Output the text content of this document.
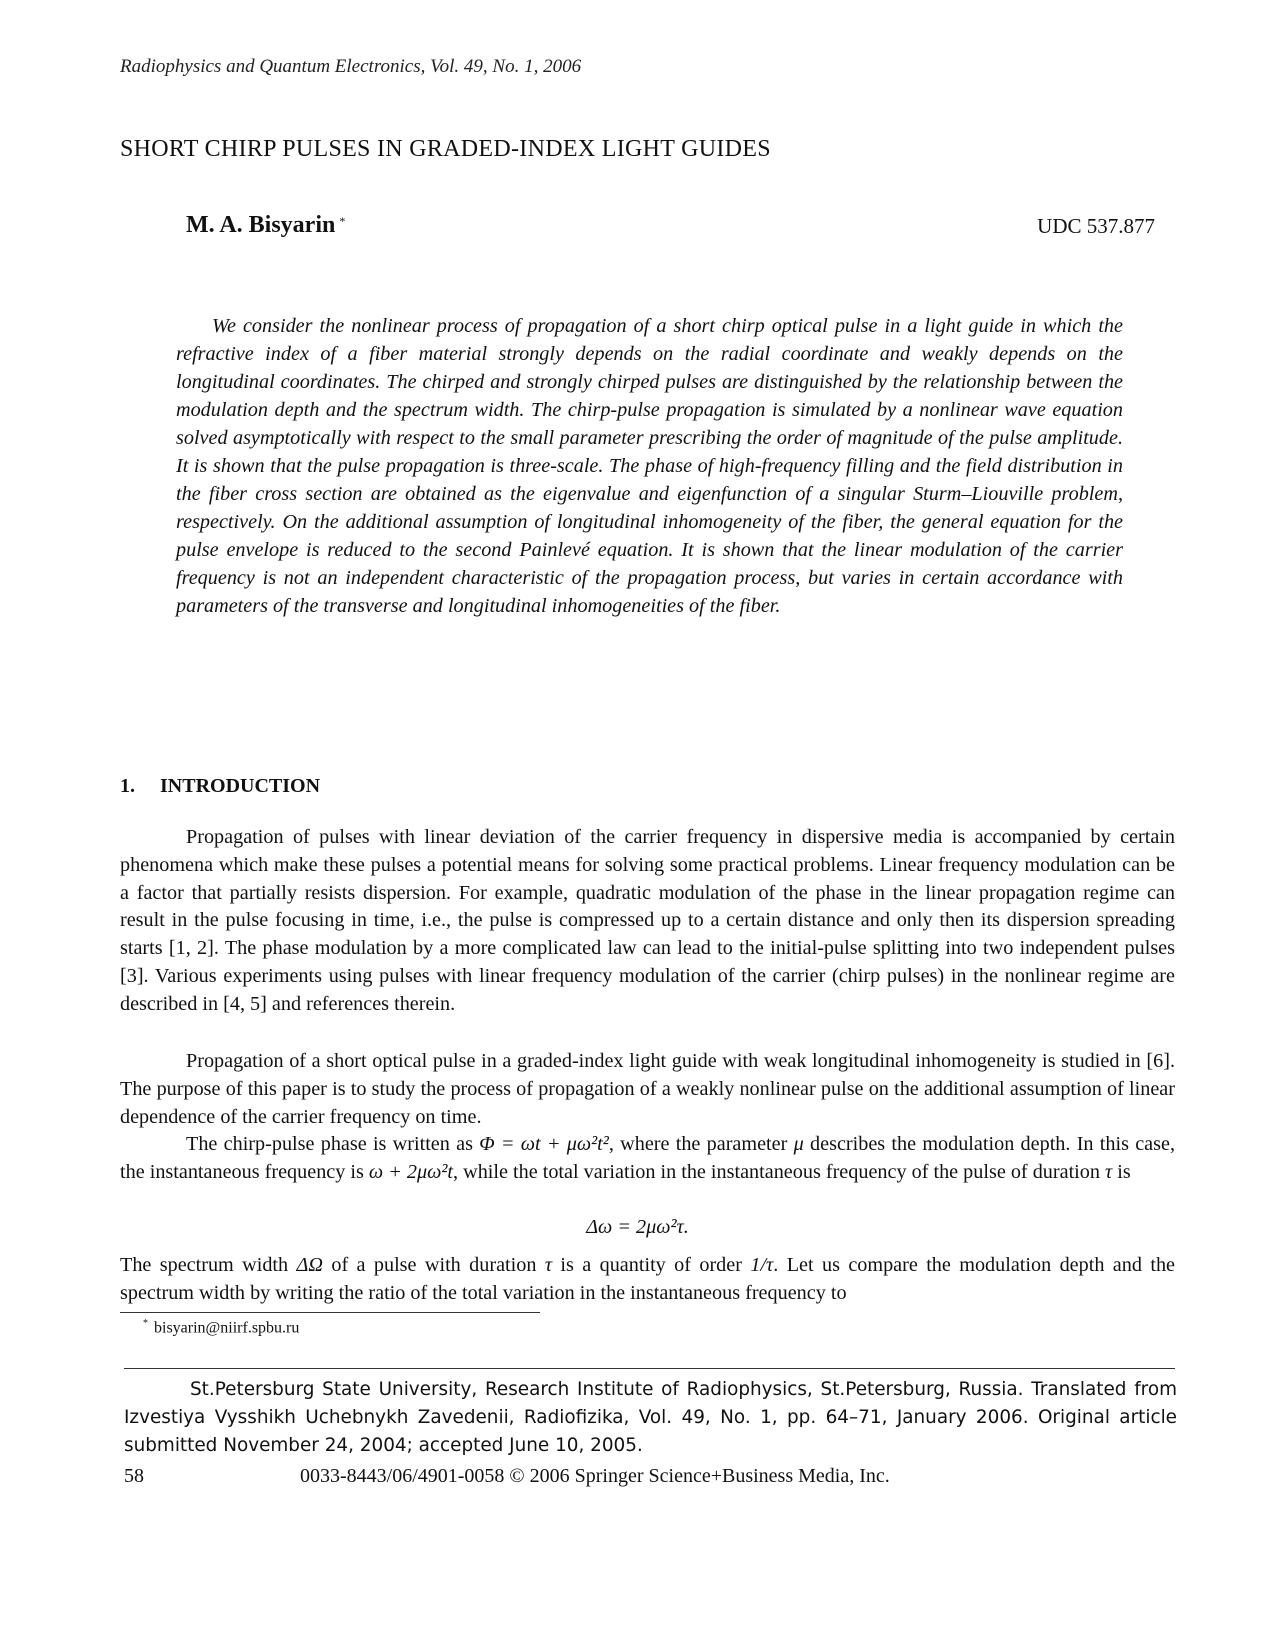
Radiophysics and Quantum Electronics, Vol. 49, No. 1, 2006
SHORT CHIRP PULSES IN GRADED-INDEX LIGHT GUIDES
M. A. Bisyarin *	UDC 537.877

We consider the nonlinear process of propagation of a short chirp optical pulse in a light guide in which the refractive index of a fiber material strongly depends on the radial coordinate and weakly depends on the longitudinal coordinates. The chirped and strongly chirped pulses are distinguished by the relationship between the modulation depth and the spectrum width. The chirp-pulse propagation is simulated by a nonlinear wave equation solved asymptotically with respect to the small parameter prescribing the order of magnitude of the pulse amplitude. It is shown that the pulse propagation is three-scale. The phase of high-frequency filling and the field distribution in the fiber cross section are obtained as the eigenvalue and eigenfunction of a singular Sturm–Liouville problem, respectively. On the additional assumption of longitudinal inhomogeneity of the fiber, the general equation for the pulse envelope is reduced to the second Painlevé equation. It is shown that the linear modulation of the carrier frequency is not an independent characteristic of the propagation process, but varies in certain accordance with parameters of the transverse and longitudinal inhomogeneities of the fiber.

1. INTRODUCTION

Propagation of pulses with linear deviation of the carrier frequency in dispersive media is accompanied by certain phenomena which make these pulses a potential means for solving some practical problems. Linear frequency modulation can be a factor that partially resists dispersion. For example, quadratic modulation of the phase in the linear propagation regime can result in the pulse focusing in time, i.e., the pulse is compressed up to a certain distance and only then its dispersion spreading starts [1, 2]. The phase modulation by a more complicated law can lead to the initial-pulse splitting into two independent pulses [3]. Various experiments using pulses with linear frequency modulation of the carrier (chirp pulses) in the nonlinear regime are described in [4, 5] and references therein.

Propagation of a short optical pulse in a graded-index light guide with weak longitudinal inhomogeneity is studied in [6]. The purpose of this paper is to study the process of propagation of a weakly nonlinear pulse on the additional assumption of linear dependence of the carrier frequency on time.

The chirp-pulse phase is written as Φ = ωt + μω²t², where the parameter μ describes the modulation depth. In this case, the instantaneous frequency is ω + 2μω²t, while the total variation in the instantaneous frequency of the pulse of duration τ is

Δω = 2μω²τ.

The spectrum width ΔΩ of a pulse with duration τ is a quantity of order 1/τ. Let us compare the modulation depth and the spectrum width by writing the ratio of the total variation in the instantaneous frequency to

* bisyarin@niirf.spbu.ru

St.Petersburg State University, Research Institute of Radiophysics, St.Petersburg, Russia. Translated from Izvestiya Vysshikh Uchebnykh Zavedenii, Radiofizika, Vol. 49, No. 1, pp. 64–71, January 2006. Original article submitted November 24, 2004; accepted June 10, 2005.

58	0033-8443/06/4901-0058 © 2006 Springer Science+Business Media, Inc.
